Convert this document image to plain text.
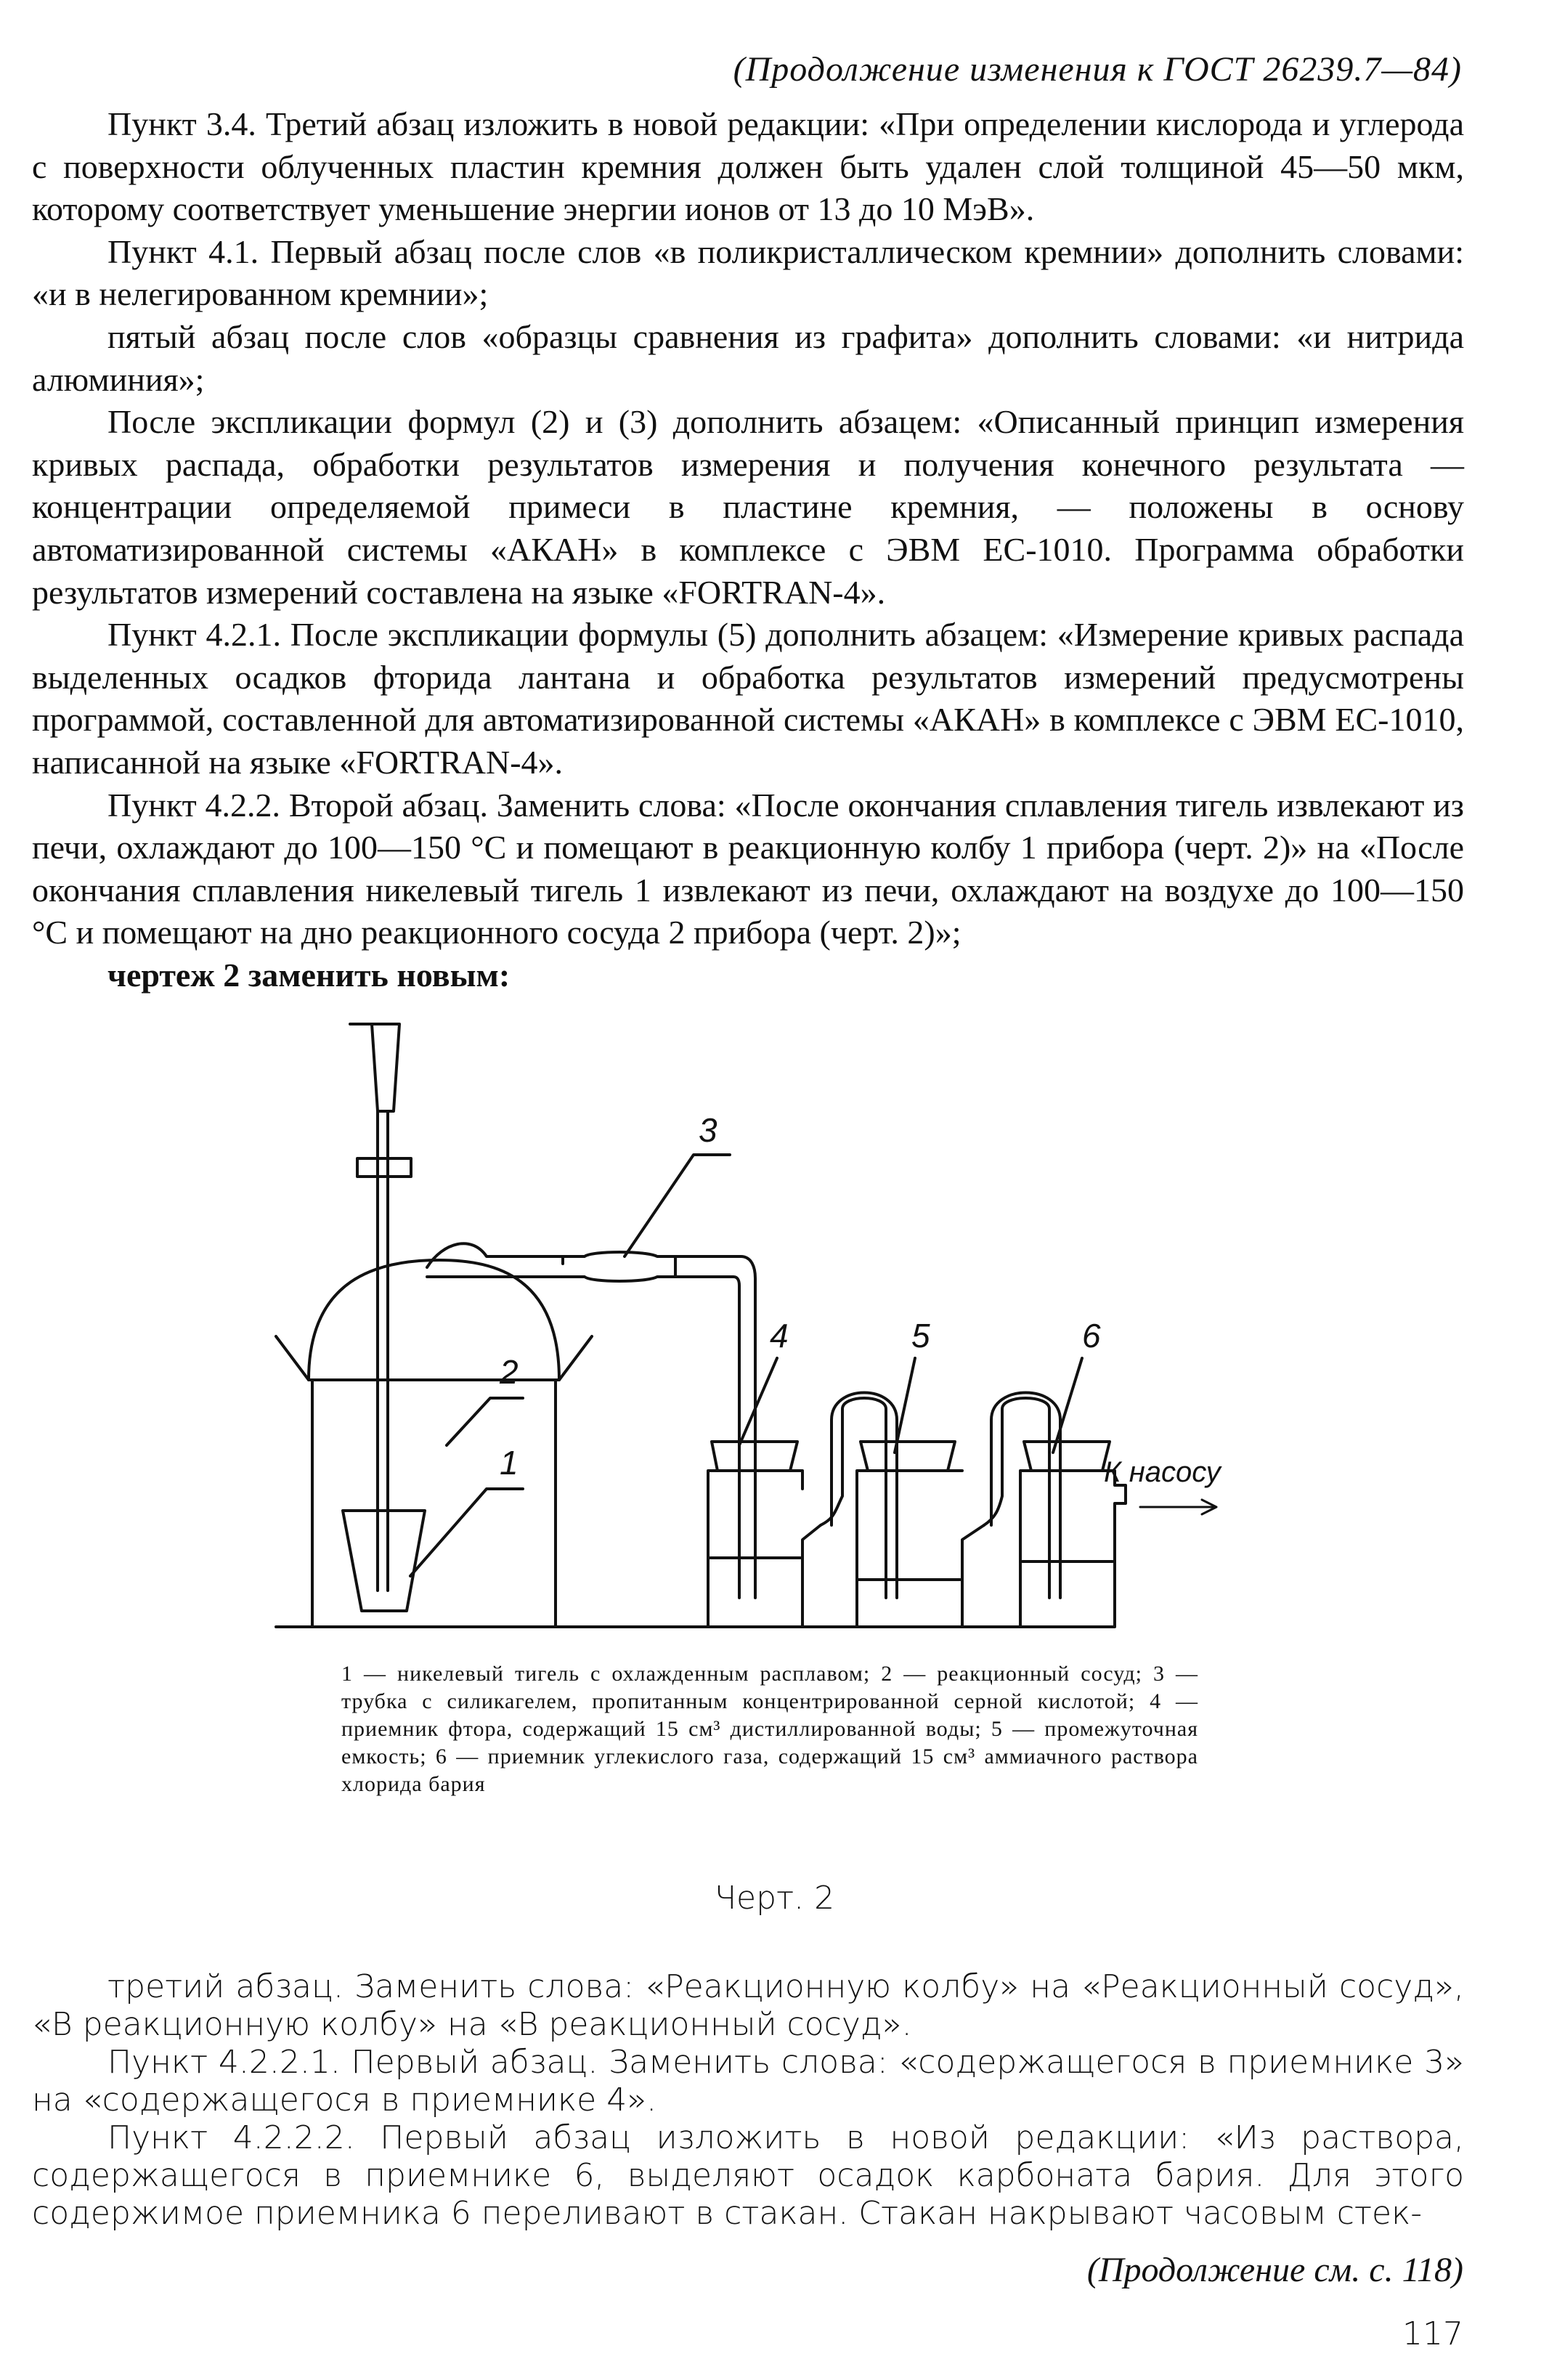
(Продолжение изменения к ГОСТ 26239.7—84)

Пункт 3.4. Третий абзац изложить в новой редакции: «При определении кислорода и углерода с поверхности облученных пластин кремния должен быть удален слой толщиной 45—50 мкм, которому соответствует уменьшение энергии ионов от 13 до 10 МэВ».

Пункт 4.1. Первый абзац после слов «в поликристаллическом кремнии» дополнить словами: «и в нелегированном кремнии»;

пятый абзац после слов «образцы сравнения из графита» дополнить словами: «и нитрида алюминия»;

После экспликации формул (2) и (3) дополнить абзацем: «Описанный принцип измерения кривых распада, обработки результатов измерения и получения конечного результата — концентрации определяемой примеси в пластине кремния, — положены в основу автоматизированной системы «АКАН» в комплексе с ЭВМ ЕС-1010. Программа обработки результатов измерений составлена на языке «FORTRAN-4».

Пункт 4.2.1. После экспликации формулы (5) дополнить абзацем: «Измерение кривых распада выделенных осадков фторида лантана и обработка результатов измерений предусмотрены программой, составленной для автоматизированной системы «АКАН» в комплексе с ЭВМ ЕС-1010, написанной на языке «FORTRAN-4».

Пункт 4.2.2. Второй абзац. Заменить слова: «После окончания сплавления тигель извлекают из печи, охлаждают до 100—150 °С и помещают в реакционную колбу 1 прибора (черт. 2)» на «После окончания сплавления никелевый тигель 1 извлекают из печи, охлаждают на воздухе до 100—150 °С и помещают на дно реакционного сосуда 2 прибора (черт. 2)»;

чертеж 2 заменить новым:

3
4	5	6
2
1	К насосу

1 — никелевый тигель с охлажденным расплавом; 2 — реакционный сосуд; 3 — трубка с силикагелем, пропитанным концентрированной серной кислотой; 4 — приемник фтора, содержащий 15 см³ дистиллированной воды; 5 — промежуточная емкость; 6 — приемник углекислого газа, содержащий 15 см³ аммиачного раствора хлорида бария

Черт. 2

третий абзац. Заменить слова: «Реакционную колбу» на «Реакционный сосуд», «В реакционную колбу» на «В реакционный сосуд».

Пункт 4.2.2.1. Первый абзац. Заменить слова: «содержащегося в приемнике 3» на «содержащегося в приемнике 4».

Пункт 4.2.2.2. Первый абзац изложить в новой редакции: «Из раствора, содержащегося в приемнике 6, выделяют осадок карбоната бария. Для этого содержимое приемника 6 переливают в стакан. Стакан накрывают часовым стек-

(Продолжение см. с. 118)
117
